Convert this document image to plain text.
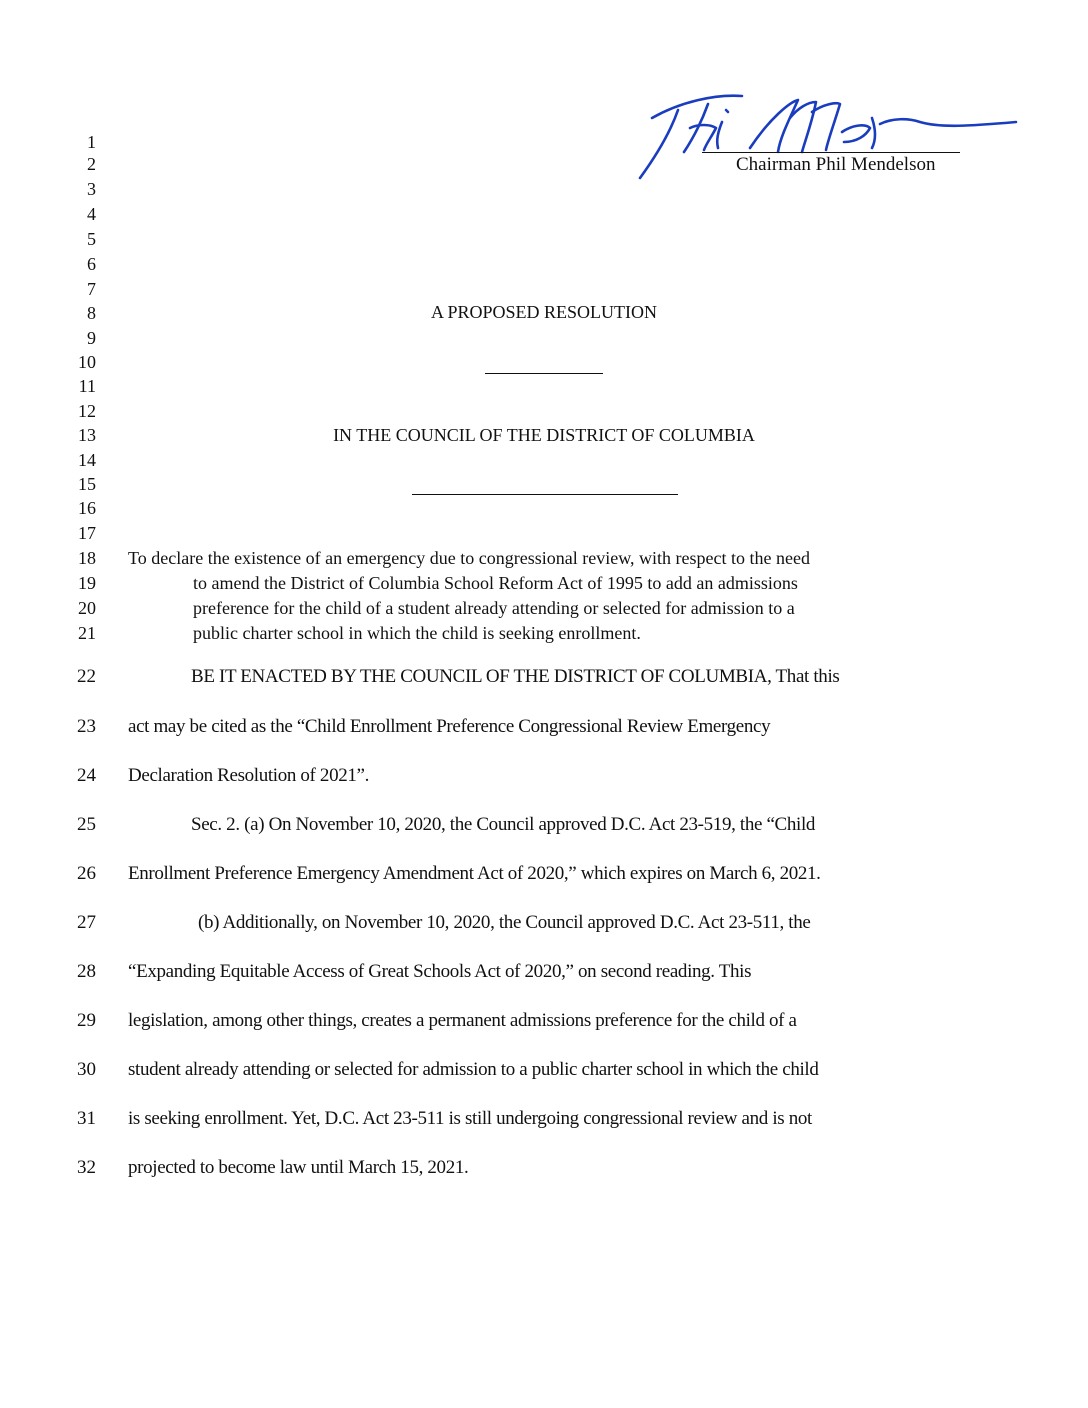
Chairman Phil Mendelson
1
2
3
4
5
6
7
8
9
10
11
12
13
14
15
16
17
18
19
20
21
22
23
24
25
26
27
28
29
30
31
32
A PROPOSED RESOLUTION
IN THE COUNCIL OF THE DISTRICT OF COLUMBIA
To declare the existence of an emergency due to congressional review, with respect to the need
to amend the District of Columbia School Reform Act of 1995 to add an admissions
preference for the child of a student already attending or selected for admission to a
public charter school in which the child is seeking enrollment.
BE IT ENACTED BY THE COUNCIL OF THE DISTRICT OF COLUMBIA, That this
act may be cited as the “Child Enrollment Preference Congressional Review Emergency
Declaration Resolution of 2021”.
Sec. 2. (a) On November 10, 2020, the Council approved D.C. Act 23-519, the “Child
Enrollment Preference Emergency Amendment Act of 2020,” which expires on March 6, 2021.
(b) Additionally, on November 10, 2020, the Council approved D.C. Act 23-511, the
“Expanding Equitable Access of Great Schools Act of 2020,” on second reading. This
legislation, among other things, creates a permanent admissions preference for the child of a
student already attending or selected for admission to a public charter school in which the child
is seeking enrollment. Yet, D.C. Act 23-511 is still undergoing congressional review and is not
projected to become law until March 15, 2021.
